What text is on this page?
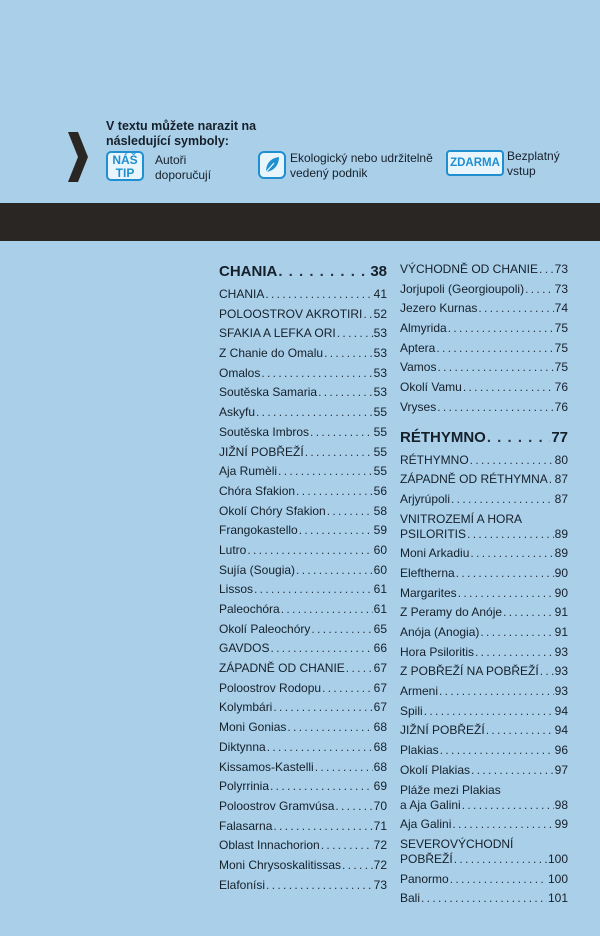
V textu můžete narazit na následující symboly:
NÁŠ
TIP
Autoři doporučují
Ekologický nebo udržitelně vedený podnik
ZDARMA Bezplatný vstup
CHANIA . . .	38
CHANIA . . .	41
POLOOSTROV AKROTIRI . . . 52
SFAKIA A LEFKA ORI . . .	53
Z Chanie do Omalu . . .	53
Omalos . . .	53
Soutěska Samaria . . .	53
Askyfu . . .	55
Soutěska Imbros . . .	55
JIŽNÍ POBŘEŽÍ . . .	55
Aja Rumèli . . .	55
Chóra Sfakion . . .	56
Okolí Chóry Sfakion . . .	58
Frangokastello . . .	59
Lutro . . .	60
Sujía (Sougia) . . .	60
Lissos . . .	61
Paleochóra . . .	61
Okolí Paleochóry . . .	65
GAVDOS . . .	66
ZÁPADNĚ OD CHANIE . . . 67
Poloostrov Rodopu . . .	67
Kolymbári . . .	67
Moni Gonias . . .	68
Diktynna . . .	68
Kissamos-Kastelli . . .	68
Polyrrinia . . .	69
Poloostrov Gramvúsa . . .	70
Falasarna . . .	71
Oblast Innachorion . . .	72
Moni Chrysoskalitissas . . .	72
Elafonísi . . .	73
VÝCHODNĚ OD CHANIE . . . 73
Jorjupoli (Georgioupoli) . . .	73
Jezero Kurnas . . .	74
Almyrida . . .	75
Aptera . . .	75
Vamos . . .	75
Okolí Vamu . . .	76
Vryses . . .	76
RÉTHYMNO . . .	77
RÉTHYMNO . . .	80
ZÁPADNĚ OD RÉTHYMNA . . . 87
Arjyrúpoli . . .	87
VNITROZEMÍ A HORA
PSILORITIS . . .	89
Moni Arkadiu . . .	89
Eleftherna . . .	90
Margarites . . .	90
Z Peramy do Anóje . . .	91
Anója (Anogia) . . .	91
Hora Psiloritis . . .	93
Z POBŘEŽÍ NA POBŘEŽÍ . . . 93
Armeni . . .	93
Spili . . .	94
JIŽNÍ POBŘEŽÍ . . .	94
Plakias . . .	96
Okolí Plakias . . .	97
Pláže mezi Plakias
a Aja Galini . . .	98
Aja Galini . . .	99
SEVEROVÝCHODNÍ
POBŘEŽÍ . . .	100
Panormo . . .	100
Bali . . .	101
